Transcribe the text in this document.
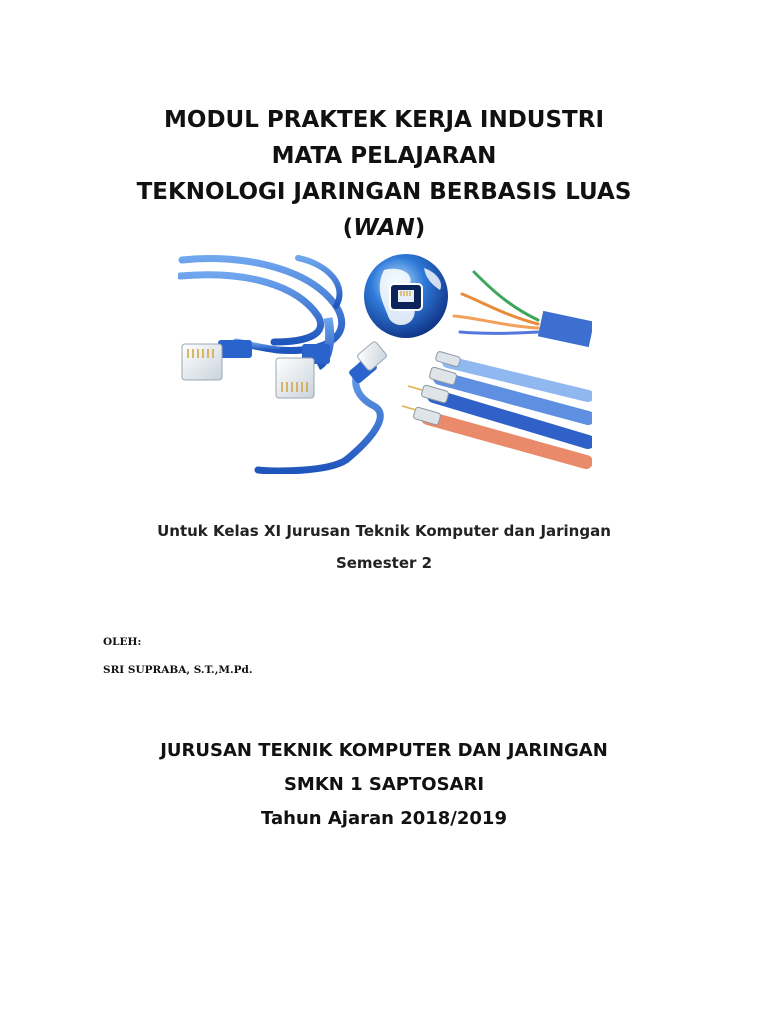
MODUL PRAKTEK KERJA INDUSTRI
MATA PELAJARAN
TEKNOLOGI JARINGAN BERBASIS LUAS
(WAN)
Untuk Kelas XI Jurusan Teknik Komputer dan Jaringan
Semester 2
OLEH:
SRI SUPRABA, S.T.,M.Pd.
JURUSAN TEKNIK KOMPUTER DAN JARINGAN
SMKN 1 SAPTOSARI
Tahun Ajaran 2018/2019
